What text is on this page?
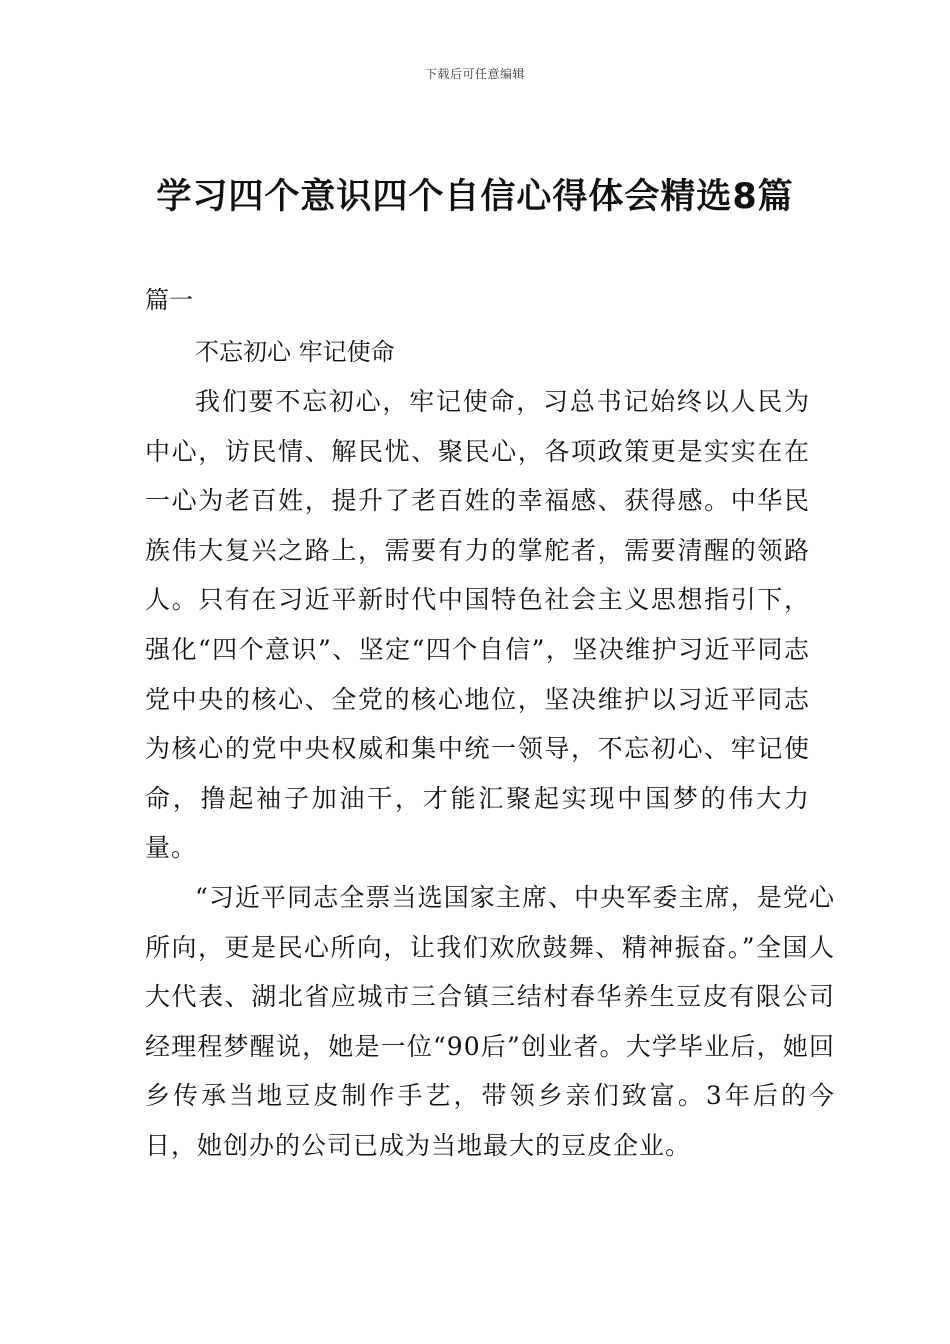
下载后可任意编辑
学习四个意识四个自信心得体会精选8篇
篇一
不忘初心 牢记使命

我们要不忘初心，牢记使命，习总书记始终以人民为中心，访民情、解民忧、聚民心，各项政策更是实实在在一心为老百姓，提升了老百姓的幸福感、获得感。中华民族伟大复兴之路上，需要有力的掌舵者，需要清醒的领路人。只有在习近平新时代中国特色社会主义思想指引下，强化“四个意识”、坚定“四个自信”，坚决维护习近平同志党中央的核心、全党的核心地位，坚决维护以习近平同志为核心的党中央权威和集中统一领导，不忘初心、牢记使命，撸起袖子加油干，才能汇聚起实现中国梦的伟大力量。

“习近平同志全票当选国家主席、中央军委主席，是党心所向，更是民心所向，让我们欢欣鼓舞、精神振奋。”全国人大代表、湖北省应城市三合镇三结村春华养生豆皮有限公司经理程梦醒说，她是一位“90后”创业者。大学毕业后，她回乡传承当地豆皮制作手艺，带领乡亲们致富。3年后的今日，她创办的公司已成为当地最大的豆皮企业。
